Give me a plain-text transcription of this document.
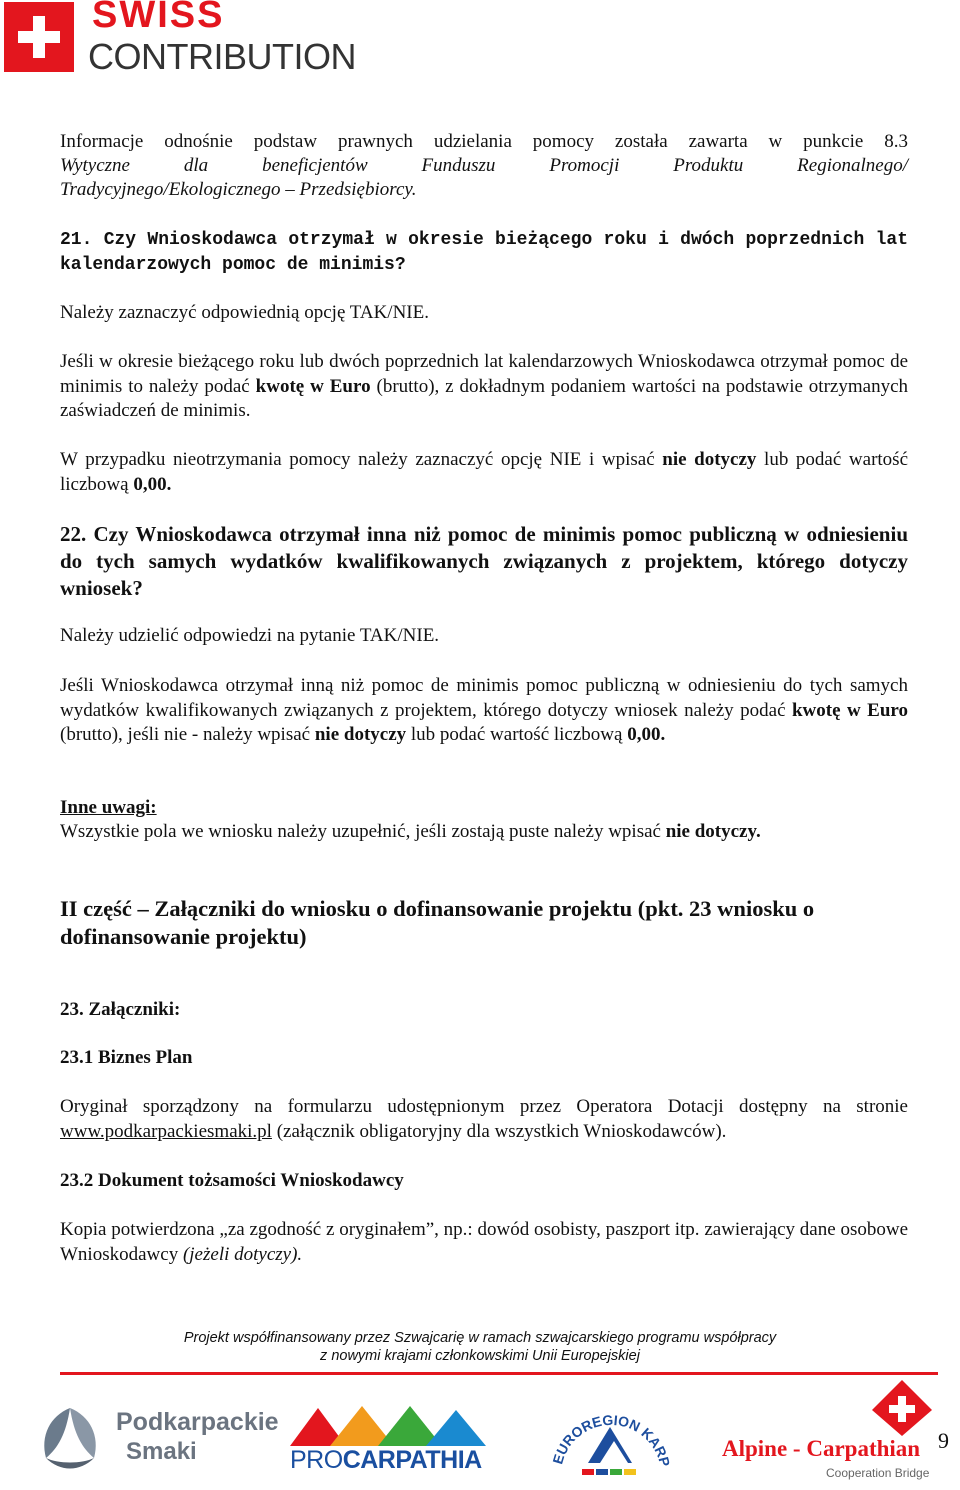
SWISS
CONTRIBUTION

Informacje odnośnie podstaw prawnych udzielania pomocy została zawarta w punkcie 8.3

Wytyczne dla beneficjentów Funduszu Promocji Produktu Regionalnego/

Tradycyjnego/Ekologicznego – Przedsiębiorcy.

21. Czy Wnioskodawca otrzymał w okresie bieżącego roku i dwóch poprzednich lat kalendarzowych pomoc de minimis?

Należy zaznaczyć odpowiednią opcję TAK/NIE.

Jeśli w okresie bieżącego roku lub dwóch poprzednich lat kalendarzowych Wnioskodawca otrzymał pomoc de minimis to należy podać kwotę w Euro (brutto), z dokładnym podaniem wartości na podstawie otrzymanych zaświadczeń de minimis.

W przypadku nieotrzymania pomocy należy zaznaczyć opcję NIE i wpisać nie dotyczy lub podać wartość liczbową 0,00.

22. Czy Wnioskodawca otrzymał inna niż pomoc de minimis pomoc publiczną w odniesieniu do tych samych wydatków kwalifikowanych związanych z projektem, którego dotyczy wniosek?

Należy udzielić odpowiedzi na pytanie TAK/NIE.

Jeśli Wnioskodawca otrzymał inną niż pomoc de minimis pomoc publiczną w odniesieniu do tych samych wydatków kwalifikowanych związanych z projektem, którego dotyczy wniosek należy podać kwotę w Euro (brutto), jeśli nie - należy wpisać nie dotyczy lub podać wartość liczbową 0,00.

Inne uwagi:

Wszystkie pola we wniosku należy uzupełnić, jeśli zostają puste należy wpisać nie dotyczy.

II część – Załączniki do wniosku o dofinansowanie projektu (pkt. 23 wniosku o dofinansowanie projektu)

23. Załączniki:

23.1 Biznes Plan

Oryginał sporządzony na formularzu udostępnionym przez Operatora Dotacji dostępny na stronie www.podkarpackiesmaki.pl (załącznik obligatoryjny dla wszystkich Wnioskodawców).

23.2 Dokument tożsamości Wnioskodawcy

Kopia potwierdzona „za zgodność z oryginałem”, np.: dowód osobisty, paszport itp. zawierający dane osobowe Wnioskodawcy (jeżeli dotyczy).

Projekt współfinansowany przez Szwajcarię w ramach szwajcarskiego programu współpracy
z nowymi krajami członkowskimi Unii Europejskiej
Podkarpackie
Smaki	PROCARPATHIA	EUROREGION KARP
Alpine - Carpathian
Cooperation Bridge
9
